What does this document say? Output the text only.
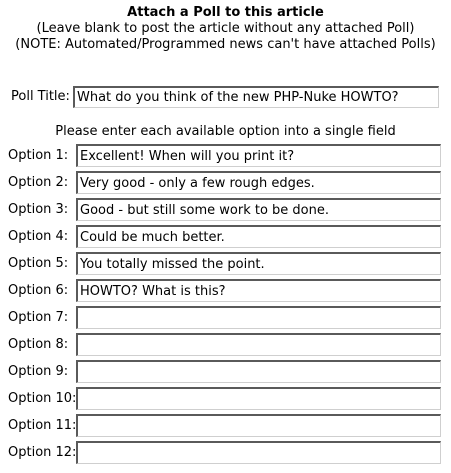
Attach a Poll to this article
(Leave blank to post the article without any attached Poll)
(NOTE: Automated/Programmed news can't have attached Polls)
Poll Title:
What do you think of the new PHP-Nuke HOWTO?
Please enter each available option into a single field
Option 1:
Excellent! When will you print it?
Option 2:
Very good - only a few rough edges.
Option 3:
Good - but still some work to be done.
Option 4:
Could be much better.
Option 5:
You totally missed the point.
Option 6:
HOWTO? What is this?
Option 7:
Option 8:
Option 9:
Option 10:
Option 11:
Option 12:
